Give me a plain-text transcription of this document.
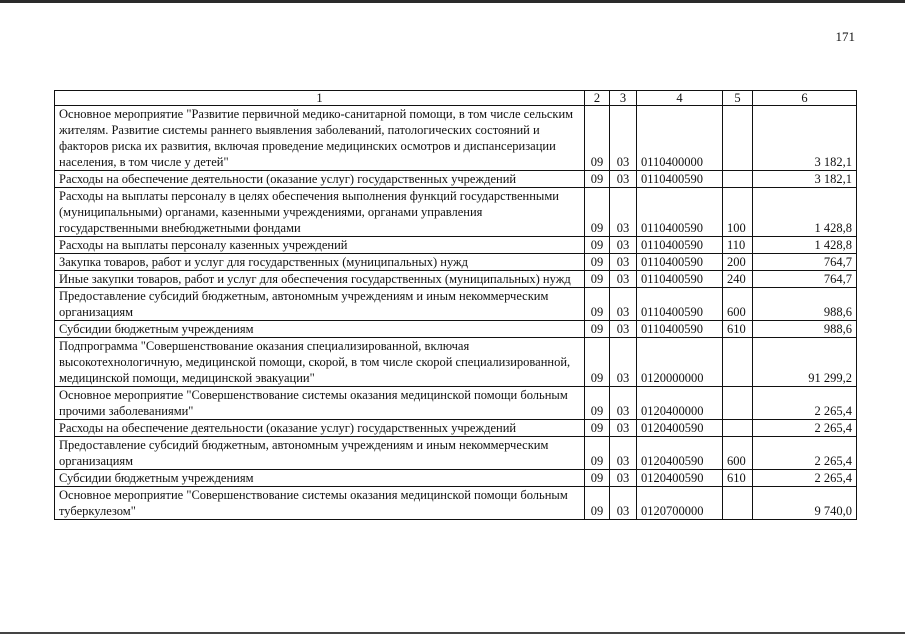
171
1	2	3	4	5	6
Основное мероприятие "Развитие первичной медико-санитарной помощи, в том числе сельским жителям. Развитие системы раннего выявления заболеваний, патологических состояний и факторов риска их развития, включая проведение медицинских осмотров и диспансеризации населения, в том числе у детей"	09	03	0110400000		3 182,1
Расходы на обеспечение деятельности (оказание услуг) государственных учреждений	09	03	0110400590		3 182,1
Расходы на выплаты персоналу в целях обеспечения выполнения функций государственными (муниципальными) органами, казенными учреждениями, органами управления государственными внебюджетными фондами	09	03	0110400590	100	1 428,8
Расходы на выплаты персоналу казенных учреждений	09	03	0110400590	110	1 428,8
Закупка товаров, работ и услуг для государственных (муниципальных) нужд	09	03	0110400590	200	764,7
Иные закупки товаров, работ и услуг для обеспечения государственных (муниципальных) нужд	09	03	0110400590	240	764,7
Предоставление субсидий бюджетным, автономным учреждениям и иным некоммерческим организациям	09	03	0110400590	600	988,6
Субсидии бюджетным учреждениям	09	03	0110400590	610	988,6
Подпрограмма "Совершенствование оказания специализированной, включая высокотехнологичную, медицинской помощи, скорой, в том числе скорой специализированной, медицинской помощи, медицинской эвакуации"	09	03	0120000000		91 299,2
Основное мероприятие "Совершенствование системы оказания медицинской помощи больным прочими заболеваниями"	09	03	0120400000		2 265,4
Расходы на обеспечение деятельности (оказание услуг) государственных учреждений	09	03	0120400590		2 265,4
Предоставление субсидий бюджетным, автономным учреждениям и иным некоммерческим организациям	09	03	0120400590	600	2 265,4
Субсидии бюджетным учреждениям	09	03	0120400590	610	2 265,4
Основное мероприятие "Совершенствование системы оказания медицинской помощи больным туберкулезом"	09	03	0120700000		9 740,0
